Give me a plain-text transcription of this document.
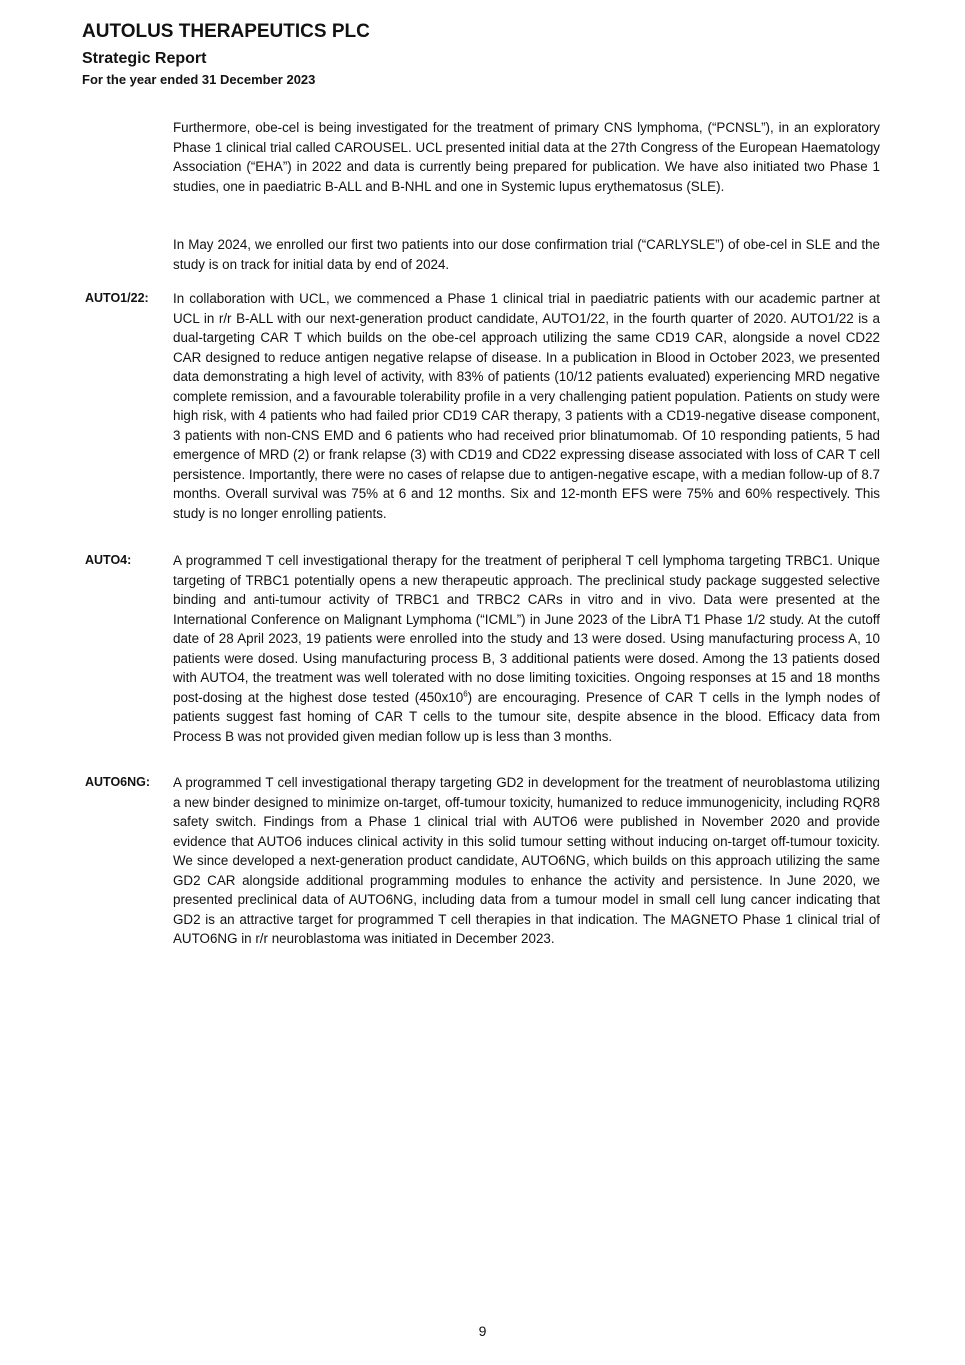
AUTOLUS THERAPEUTICS PLC
Strategic Report
For the year ended 31 December 2023

Furthermore, obe-cel is being investigated for the treatment of primary CNS lymphoma, (“PCNSL”), in an exploratory Phase 1 clinical trial called CAROUSEL. UCL presented initial data at the 27th Congress of the European Haematology Association (“EHA”) in 2022 and data is currently being prepared for publication. We have also initiated two Phase 1 studies, one in paediatric B-ALL and B-NHL and one in Systemic lupus erythematosus (SLE).

In May 2024, we enrolled our first two patients into our dose confirmation trial (“CARLYSLE”) of obe-cel in SLE and the study is on track for initial data by end of 2024.

AUTO1/22: In collaboration with UCL, we commenced a Phase 1 clinical trial in paediatric patients with our academic partner at UCL in r/r B-ALL with our next-generation product candidate, AUTO1/22, in the fourth quarter of 2020. AUTO1/22 is a dual-targeting CAR T which builds on the obe-cel approach utilizing the same CD19 CAR, alongside a novel CD22 CAR designed to reduce antigen negative relapse of disease. In a publication in Blood in October 2023, we presented data demonstrating a high level of activity, with 83% of patients (10/12 patients evaluated) experiencing MRD negative complete remission, and a favourable tolerability profile in a very challenging patient population. Patients on study were high risk, with 4 patients who had failed prior CD19 CAR therapy, 3 patients with a CD19-negative disease component, 3 patients with non-CNS EMD and 6 patients who had received prior blinatumomab. Of 10 responding patients, 5 had emergence of MRD (2) or frank relapse (3) with CD19 and CD22 expressing disease associated with loss of CAR T cell persistence. Importantly, there were no cases of relapse due to antigen-negative escape, with a median follow-up of 8.7 months. Overall survival was 75% at 6 and 12 months. Six and 12-month EFS were 75% and 60% respectively. This study is no longer enrolling patients.

AUTO4:	A programmed T cell investigational therapy for the treatment of peripheral T cell lymphoma targeting TRBC1. Unique targeting of TRBC1 potentially opens a new therapeutic approach. The preclinical study package suggested selective binding and anti-tumour activity of TRBC1 and TRBC2 CARs in vitro and in vivo. Data were presented at the International Conference on Malignant Lymphoma (“ICML”) in June 2023 of the LibrA T1 Phase 1/2 study. At the cutoff date of 28 April 2023, 19 patients were enrolled into the study and 13 were dosed. Using manufacturing process A, 10 patients were dosed. Using manufacturing process B, 3 additional patients were dosed. Among the 13 patients dosed with AUTO4, the treatment was well tolerated with no dose limiting toxicities. Ongoing responses at 15 and 18 months post-dosing at the highest dose tested $(450x10^6)$ are encouraging. Presence of CAR T cells in the lymph nodes of patients suggest fast homing of CAR T cells to the tumour site, despite absence in the blood. Efficacy data from Process B was not provided given median follow up is less than 3 months.

AUTO6NG: A programmed T cell investigational therapy targeting GD2 in development for the treatment of neuroblastoma utilizing a new binder designed to minimize on-target, off-tumour toxicity, humanized to reduce immunogenicity, including RQR8 safety switch. Findings from a Phase 1 clinical trial with AUTO6 were published in November 2020 and provide evidence that AUTO6 induces clinical activity in this solid tumour setting without inducing on-target off-tumour toxicity. We since developed a next-generation product candidate, AUTO6NG, which builds on this approach utilizing the same GD2 CAR alongside additional programming modules to enhance the activity and persistence. In June 2020, we presented preclinical data of AUTO6NG, including data from a tumour model in small cell lung cancer indicating that GD2 is an attractive target for programmed T cell therapies in that indication. The MAGNETO Phase 1 clinical trial of AUTO6NG in r/r neuroblastoma was initiated in December 2023.

9
